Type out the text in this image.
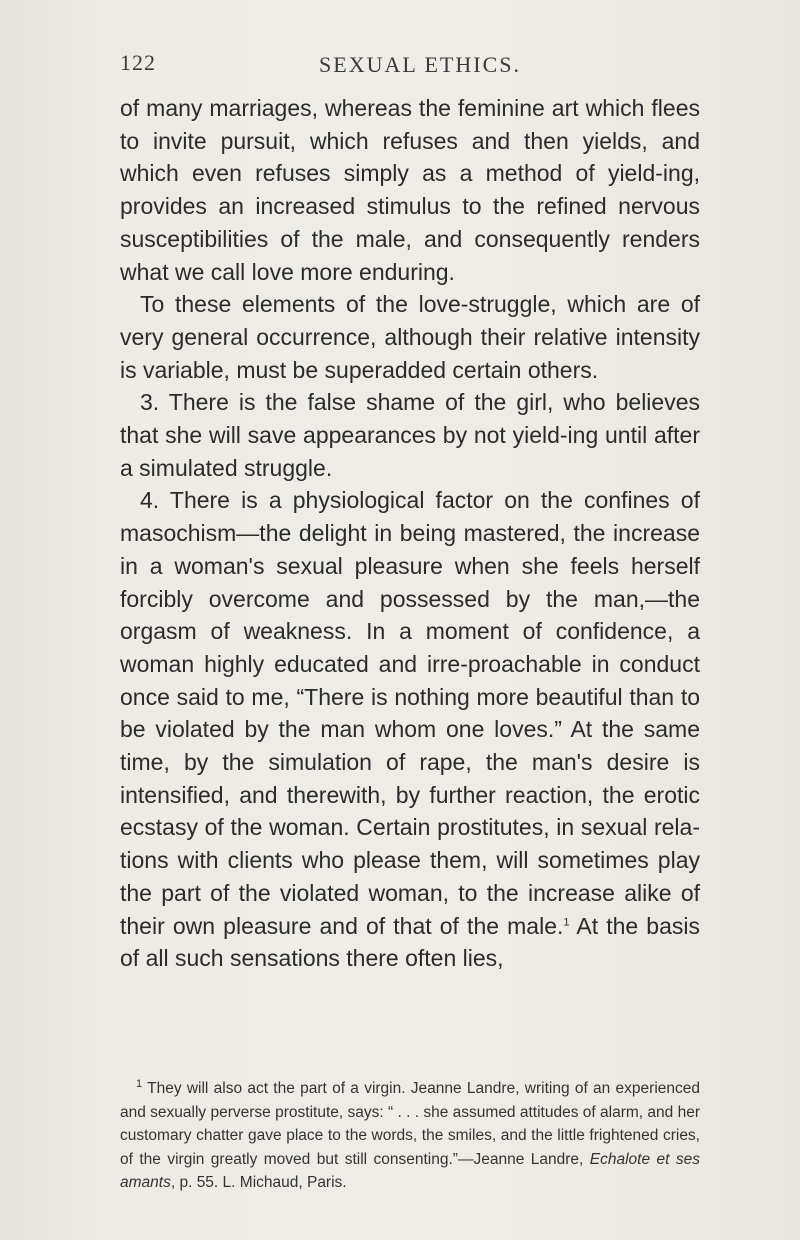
122	SEXUAL ETHICS.

of many marriages, whereas the feminine art which flees to invite pursuit, which refuses and then yields, and which even refuses simply as a method of yield-ing, provides an increased stimulus to the refined nervous susceptibilities of the male, and consequently renders what we call love more enduring.

To these elements of the love-struggle, which are of very general occurrence, although their relative intensity is variable, must be superadded certain others.

3. There is the false shame of the girl, who believes that she will save appearances by not yield-ing until after a simulated struggle.

4. There is a physiological factor on the confines of masochism—the delight in being mastered, the increase in a woman's sexual pleasure when she feels herself forcibly overcome and possessed by the man,—the orgasm of weakness. In a moment of confidence, a woman highly educated and irre-proachable in conduct once said to me, “There is nothing more beautiful than to be violated by the man whom one loves.” At the same time, by the simulation of rape, the man's desire is intensified, and therewith, by further reaction, the erotic ecstasy of the woman. Certain prostitutes, in sexual rela-tions with clients who please them, will sometimes play the part of the violated woman, to the increase alike of their own pleasure and of that of the male.$^1$ At the basis of all such sensations there often lies,

$^1$ They will also act the part of a virgin. Jeanne Landre, writing of an experienced and sexually perverse prostitute, says: “ . . . she assumed attitudes of alarm, and her customary chatter gave place to the words, the smiles, and the little frightened cries, of the virgin greatly moved but still consenting.”—Jeanne Landre, Echalote et ses amants, p. 55. L. Michaud, Paris.
